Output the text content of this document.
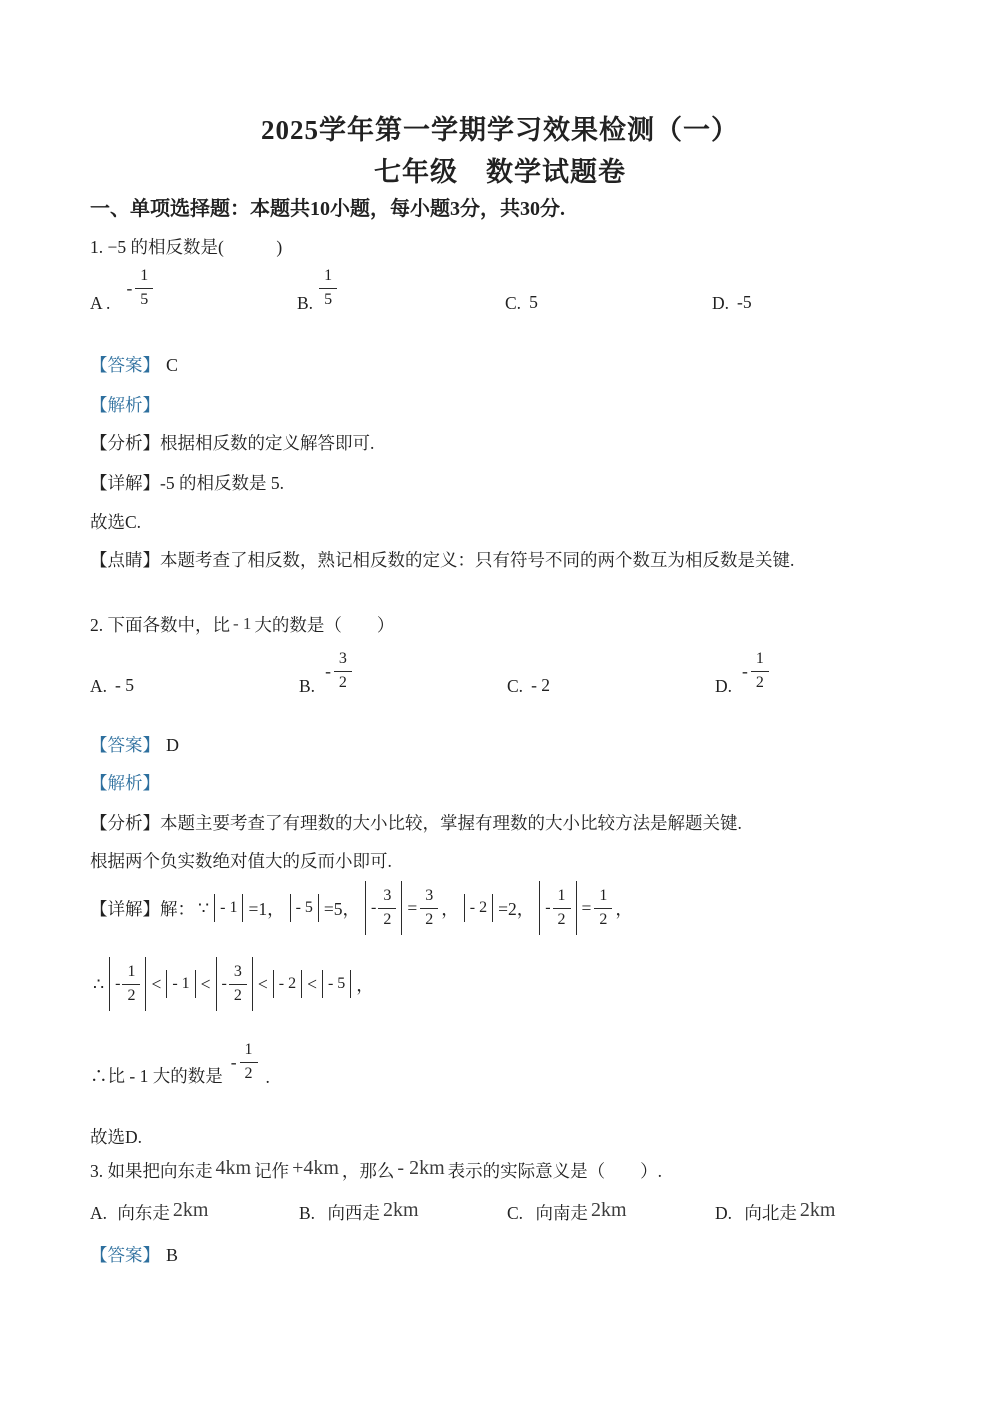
2025学年第一学期学习效果检测（一）
七年级　数学试题卷
一、单项选择题：本题共10小题，每小题3分，共30分.
1. −5 的相反数是(   )
A .
- $\frac{1}{5}$	B. $\frac{1}{5}$	C. 5	D. -5
【答案】 C
【解析】
【分析】根据相反数的定义解答即可.
【详解】-5 的相反数是 5.
故选C.
【点睛】本题考查了相反数，熟记相反数的定义：只有符号不同的两个数互为相反数是关键.
2. 下面各数中，比 - 1 大的数是（  ）
A. - 5	B.
- $\frac{3}{2}$	C. - 2	D.
- $\frac{1}{2}$
【答案】 D
【解析】
【分析】本题主要考查了有理数的大小比较，掌握有理数的大小比较方法是解题关键.
根据两个负实数绝对值大的反而小即可.
【详解】解： ∵ - 1 =1， - 5 =5， - $\frac{3}{2} = \frac{3}{2}$ ， - 2 =2， - $\frac{1}{2} = \frac{1}{2}$ ，
∴ - $\frac{1}{2}$ < - 1 < - $\frac{3}{2}$ < - 2 < - 5 ，
∴比 - 1 大的数是
- $\frac{1}{2}$ .
故选D.
3. 如果把向东走 4km 记作 +4km ，那么 - 2km 表示的实际意义是（  ）.
A. 向东走 2km	B. 向西走 2km	C. 向南走 2km	D. 向北走 2km
【答案】 B
